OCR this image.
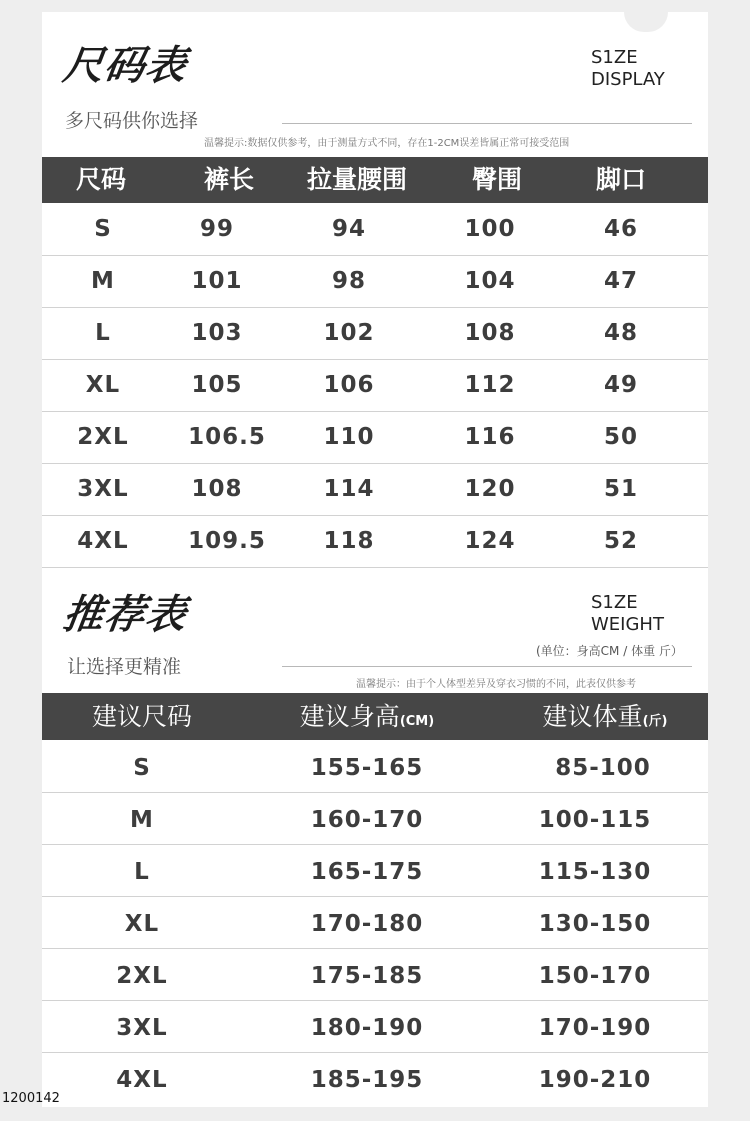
尺码表
多尺码供你选择
S1ZE
DISPLAY
温馨提示:数据仅供参考，由于测量方式不同，存在1-2CM误差皆属正常可接受范围
尺码	裤长	拉量腰围	臀围	脚口
S	99	94	100	46
M	101	98	104	47
L	103	102	108	48
XL	105	106	112	49
2XL	106.5	110	116	50
3XL	108	114	120	51
4XL	109.5	118	124	52
推荐表
让选择更精准
S1ZE
WEIGHT
(单位：身高CM / 体重 斤）
温馨提示：由于个人体型差异及穿衣习惯的不同，此表仅供参考
建议尺码	建议身高(CM)	建议体重(斤)
S	155-165	85-100
M	160-170	100-115
L	165-175	115-130
XL	170-180	130-150
2XL	175-185	150-170
3XL	180-190	170-190
4XL	185-195	190-210
1200142
